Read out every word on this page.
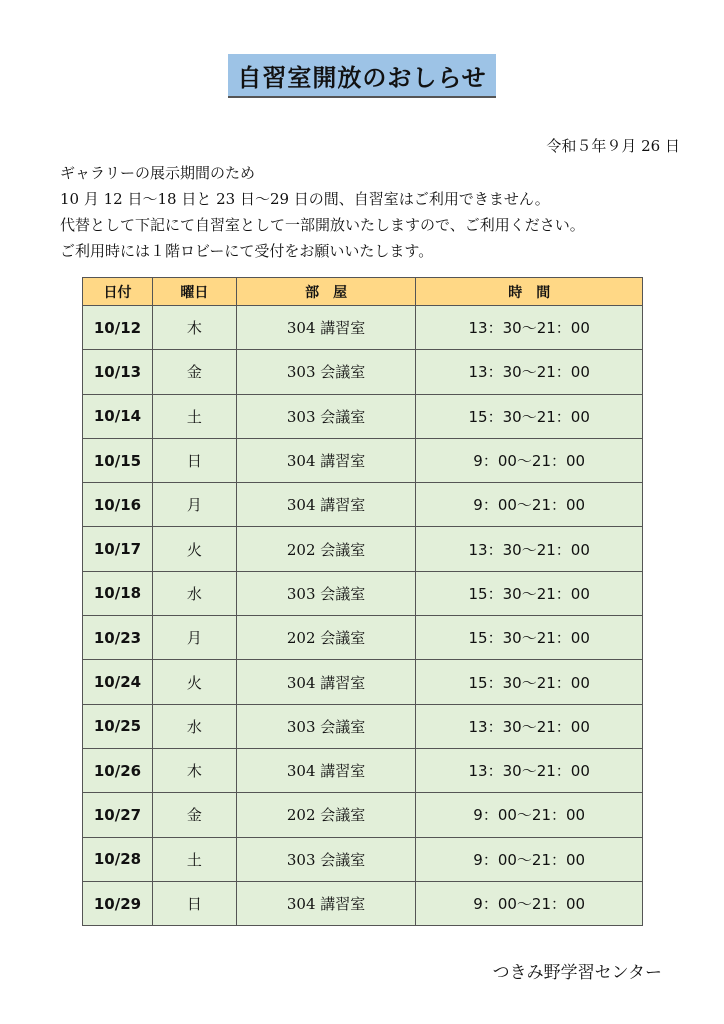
自習室開放のおしらせ
令和５年９月 26 日
ギャラリーの展示期間のため
10 月 12 日～18 日と 23 日～29 日の間、自習室はご利用できません。
代替として下記にて自習室として一部開放いたしますので、ご利用ください。
ご利用時には１階ロビーにて受付をお願いいたします。
日付	曜日	部　屋	時　間
10/12	木	304 講習室	13：30～21：00
10/13	金	303 会議室	13：30～21：00
10/14	土	303 会議室	15：30～21：00
10/15	日	304 講習室	9：00～21：00
10/16	月	304 講習室	9：00～21：00
10/17	火	202 会議室	13：30～21：00
10/18	水	303 会議室	15：30～21：00
10/23	月	202 会議室	15：30～21：00
10/24	火	304 講習室	15：30～21：00
10/25	水	303 会議室	13：30～21：00
10/26	木	304 講習室	13：30～21：00
10/27	金	202 会議室	9：00～21：00
10/28	土	303 会議室	9：00～21：00
10/29	日	304 講習室	9：00～21：00
つきみ野学習センター
